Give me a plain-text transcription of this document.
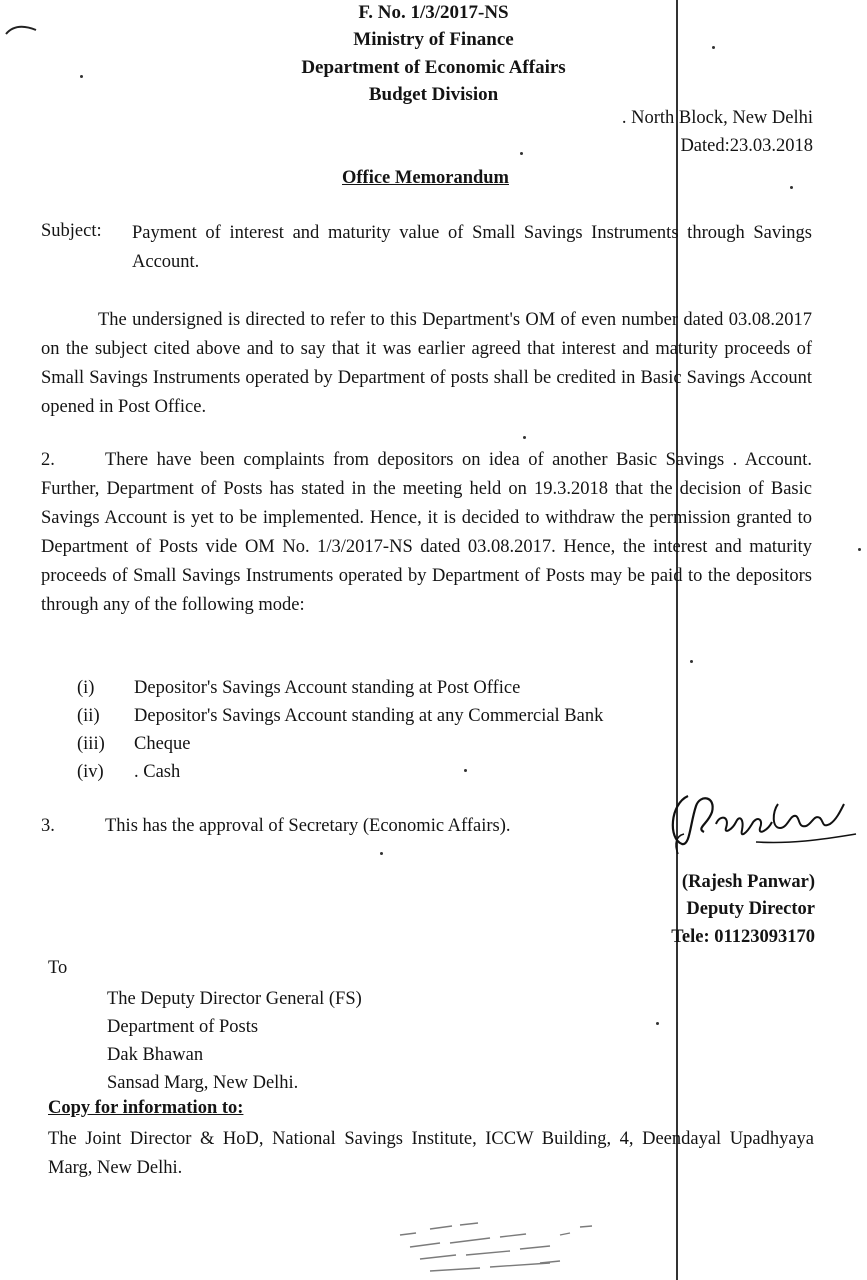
F. No. 1/3/2017-NS
Ministry of Finance
Department of Economic Affairs
Budget Division
. North Block, New Delhi
Dated:23.03.2018
Office Memorandum
Subject: Payment of interest and maturity value of Small Savings Instruments through Savings Account.
The undersigned is directed to refer to this Department's OM of even number dated 03.08.2017 on the subject cited above and to say that it was earlier agreed that interest and maturity proceeds of Small Savings Instruments operated by Department of posts shall be credited in Basic Savings Account opened in Post Office.
2.	There have been complaints from depositors on idea of another Basic Savings . Account. Further, Department of Posts has stated in the meeting held on 19.3.2018 that the decision of Basic Savings Account is yet to be implemented. Hence, it is decided to withdraw the permission granted to Department of Posts vide OM No. 1/3/2017-NS dated 03.08.2017. Hence, the interest and maturity proceeds of Small Savings Instruments operated by Department of Posts may be paid to the depositors through any of the following mode:
(i) Depositor's Savings Account standing at Post Office
(ii) Depositor's Savings Account standing at any Commercial Bank
(iii) Cheque
(iv) . Cash
3.	This has the approval of Secretary (Economic Affairs).
(Rajesh Panwar)
Deputy Director
Tele: 01123093170
To
The Deputy Director General (FS)
Department of Posts
Dak Bhawan
Sansad Marg, New Delhi.
Copy for information to:
The Joint Director & HoD, National Savings Institute, ICCW Building, 4, Deendayal Upadhyaya Marg, New Delhi.
